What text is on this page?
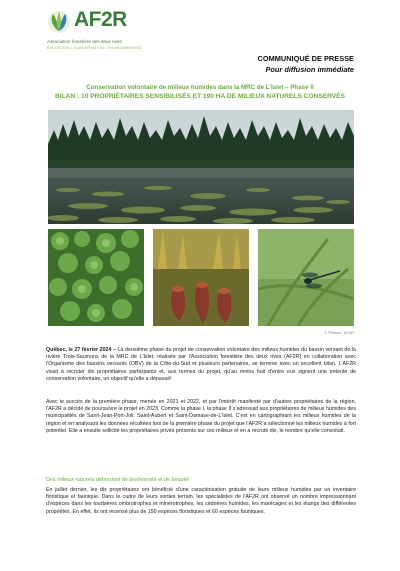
AF2R
Association forestière des deux rives
ÉDUCATION • CONSERVATION • ENVIRONNEMENT
COMMUNIQUÉ DE PRESSE
Pour diffusion immédiate
Conservation volontaire de milieux humides dans la MRC de L'Islet – Phase II
BILAN : 10 PROPRIÉTAIRES SENSIBILISÉS ET 190 HA DE MILIEUX NATURELS CONSERVÉS
© Photos : AF2R
Québec, le 27 février 2024 – La deuxième phase du projet de conservation volontaire des milieux humides du bassin versant de la rivière Trois-Saumons de la MRC de L'Islet, réalisée par l'Association forestière des deux rives (AF2R) en collaboration avec l'Organisme des bassins versants (OBV) de la Côte-du-Sud et plusieurs partenaires, se termine avec un excellent bilan. L'AF2R visait à recruter dix propriétaires participants et, aux termes du projet, qu'au moins huit d'entre eux signent une entente de conservation volontaire, un objectif qu'elle a dépassé!
Avec le succès de la première phase, menée en 2021 et 2022, et par l'intérêt manifesté par d'autres propriétaires de la région, l'AF2R a décidé de poursuivre le projet en 2023. Comme la phase I, la phase II s'adressait aux propriétaires de milieux humides des municipalités de Saint-Jean-Port-Joli, Saint-Aubert et Saint-Damase-de-L'Islet. C'est en cartographiant les milieux humides de la région et en analysant les données récoltées lors de la première phase du projet que l'AF2R a sélectionné les milieux humides à fort potentiel. Elle a ensuite sollicité les propriétaires privés présents sur ces milieux et en a recruté dix, le nombre qu'elle convoitait.
Des milieux naturels débordant de biodiversité et de beauté!
En juillet dernier, les dix propriétaires ont bénéficié d'une caractérisation gratuite de leurs milieux humides par un inventaire floristique et faunique. Dans le cadre de leurs sorties terrain, les spécialistes de l'AF2R ont observé un nombre impressionnant d'espèces dans les tourbières ombrotrophes et minérotrophes, les cédrières humides, les marécages et les étangs des différentes propriétés. En effet, ils ont recensé plus de 150 espèces floristiques et 60 espèces fauniques.
